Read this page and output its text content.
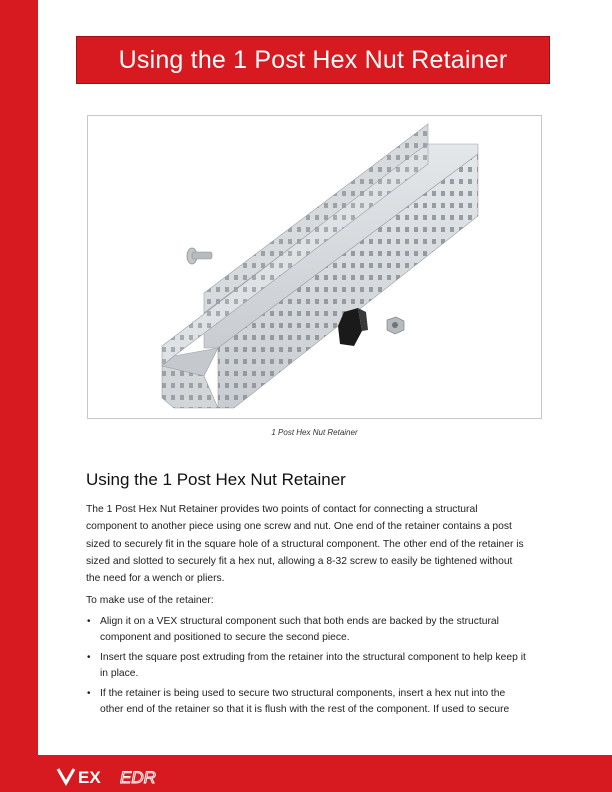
Using the 1 Post Hex Nut Retainer
1 Post Hex Nut Retainer
Using the 1 Post Hex Nut Retainer

The 1 Post Hex Nut Retainer provides two points of contact for connecting a structural component to another piece using one screw and nut. One end of the retainer contains a post sized to securely fit in the square hole of a structural component. The other end of the retainer is sized and slotted to securely fit a hex nut, allowing a 8-32 screw to easily be tightened without the need for a wench or pliers.

To make use of the retainer:

• Align it on a VEX structural component such that both ends are backed by the structural component and positioned to secure the second piece.
• Insert the square post extruding from the retainer into the structural component to help keep it in place.
• If the retainer is being used to secure two structural components, insert a hex nut into the other end of the retainer so that it is flush with the rest of the component. If used to secure
EX EDR
